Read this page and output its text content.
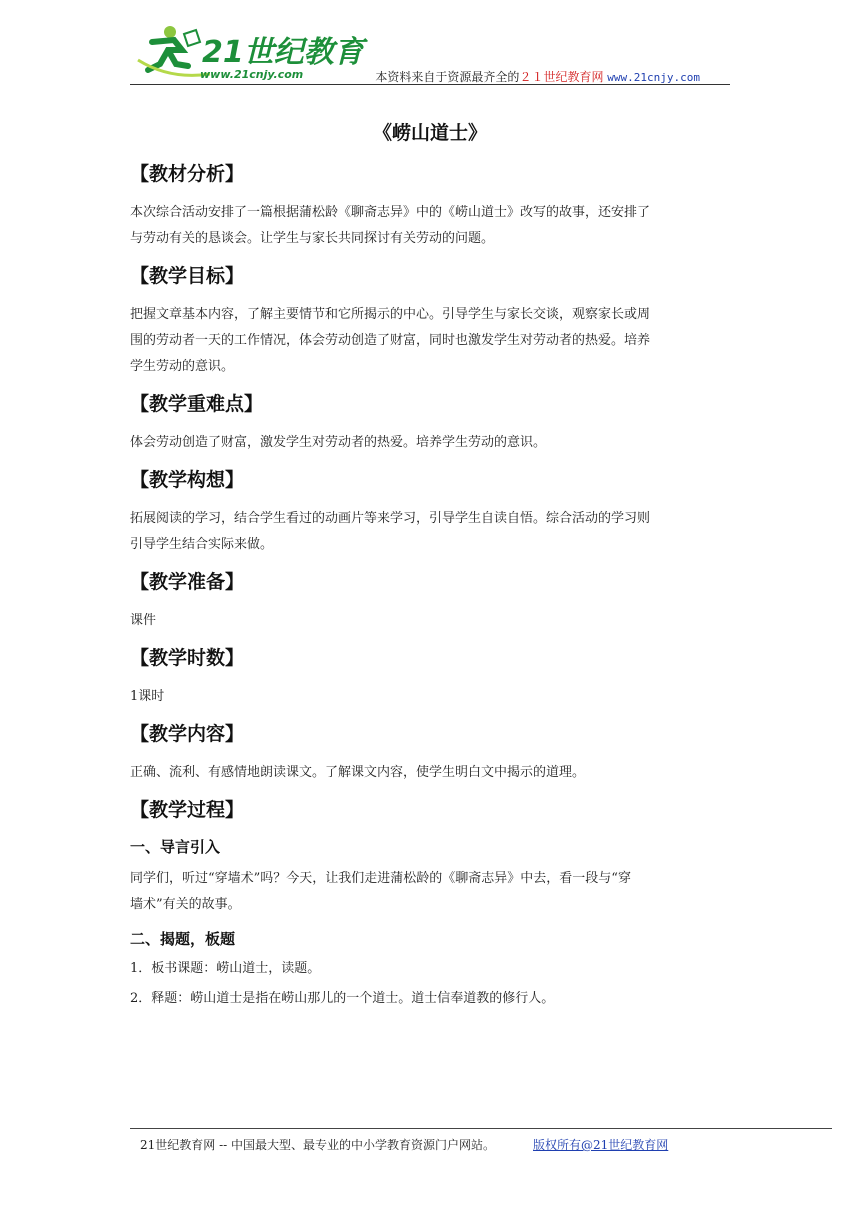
21世纪教育
www.21cnjy.com	本资料来自于资源最齐全的２１世纪教育网 www.21cnjy.com
《崂山道士》
【教材分析】

本次综合活动安排了一篇根据蒲松龄《聊斋志异》中的《崂山道士》改写的故事，还安排了

与劳动有关的恳谈会。让学生与家长共同探讨有关劳动的问题。

【教学目标】

把握文章基本内容，了解主要情节和它所揭示的中心。引导学生与家长交谈，观察家长或周

围的劳动者一天的工作情况，体会劳动创造了财富，同时也激发学生对劳动者的热爱。培养

学生劳动的意识。

【教学重难点】

体会劳动创造了财富，激发学生对劳动者的热爱。培养学生劳动的意识。

【教学构想】

拓展阅读的学习，结合学生看过的动画片等来学习，引导学生自读自悟。综合活动的学习则

引导学生结合实际来做。

【教学准备】

课件

【教学时数】

1课时

【教学内容】

正确、流利、有感情地朗读课文。了解课文内容，使学生明白文中揭示的道理。

【教学过程】
一、导言引入

同学们，听过“穿墙术”吗？今天，让我们走进蒲松龄的《聊斋志异》中去，看一段与“穿

墙术”有关的故事。

二、揭题，板题

1．板书课题：崂山道士，读题。

2．释题：崂山道士是指在崂山那儿的一个道士。道士信奉道教的修行人。

21世纪教育网 -- 中国最大型、最专业的中小学教育资源门户网站。	版权所有@21世纪教育网
